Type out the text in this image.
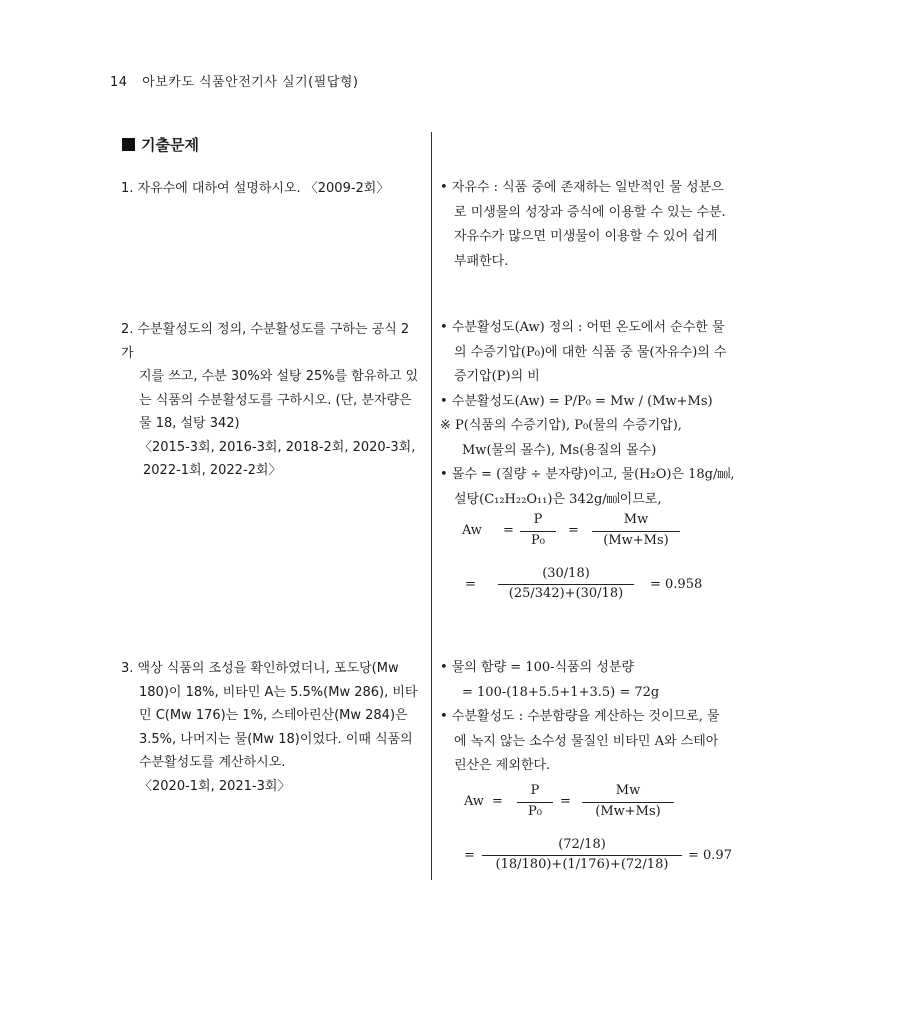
14 아보카도 식품안전기사 실기(필답형)
기출문제

1. 자유수에 대하여 설명하시오. 〈2009-2회〉	• 자유수 : 식품 중에 존재하는 일반적인 물 성분으

로 미생물의 성장과 증식에 이용할 수 있는 수분.

자유수가 많으면 미생물이 이용할 수 있어 쉽게

부패한다.

2. 수분활성도의 정의, 수분활성도를 구하는 공식 2가

지를 쓰고, 수분 30%와 설탕 25%를 함유하고 있

는 식품의 수분활성도를 구하시오. (단, 분자량은

물 18, 설탕 342)

〈2015-3회, 2016-3회, 2018-2회, 2020-3회,

2022-1회, 2022-2회〉

• 수분활성도(Aw) 정의 : 어떤 온도에서 순수한 물

의 수증기압(P₀)에 대한 식품 중 물(자유수)의 수

증기압(P)의 비

• 수분활성도(Aw) = P/P₀ = Mw / (Mw+Ms)

※ P(식품의 수증기압), P₀(물의 수증기압),

Mw(물의 몰수), Ms(용질의 몰수)

• 몰수 = (질량 ÷ 분자량)이고, 물(H₂O)은 18g/㏖,

설탕(C₁₂H₂₂O₁₁)은 342g/㏖이므로,

Aw =
P
P₀
=
Mw
(Mw+Ms)
=
(30/18)
(25/342)+(30/18)
= 0.958

3. 액상 식품의 조성을 확인하였더니, 포도당(Mw

180)이 18%, 비타민 A는 5.5%(Mw 286), 비타

민 C(Mw 176)는 1%, 스테아린산(Mw 284)은

3.5%, 나머지는 물(Mw 18)이었다. 이때 식품의

수분활성도를 계산하시오.

〈2020-1회, 2021-3회〉

• 물의 함량 = 100-식품의 성분량

= 100-(18+5.5+1+3.5) = 72g

• 수분활성도 : 수분함량을 계산하는 것이므로, 물

에 녹지 않는 소수성 물질인 비타민 A와 스테아

린산은 제외한다.

Aw =
P
P₀
=
Mw
(Mw+Ms)
=
(72/18)
(18/180)+(1/176)+(72/18)
= 0.97
